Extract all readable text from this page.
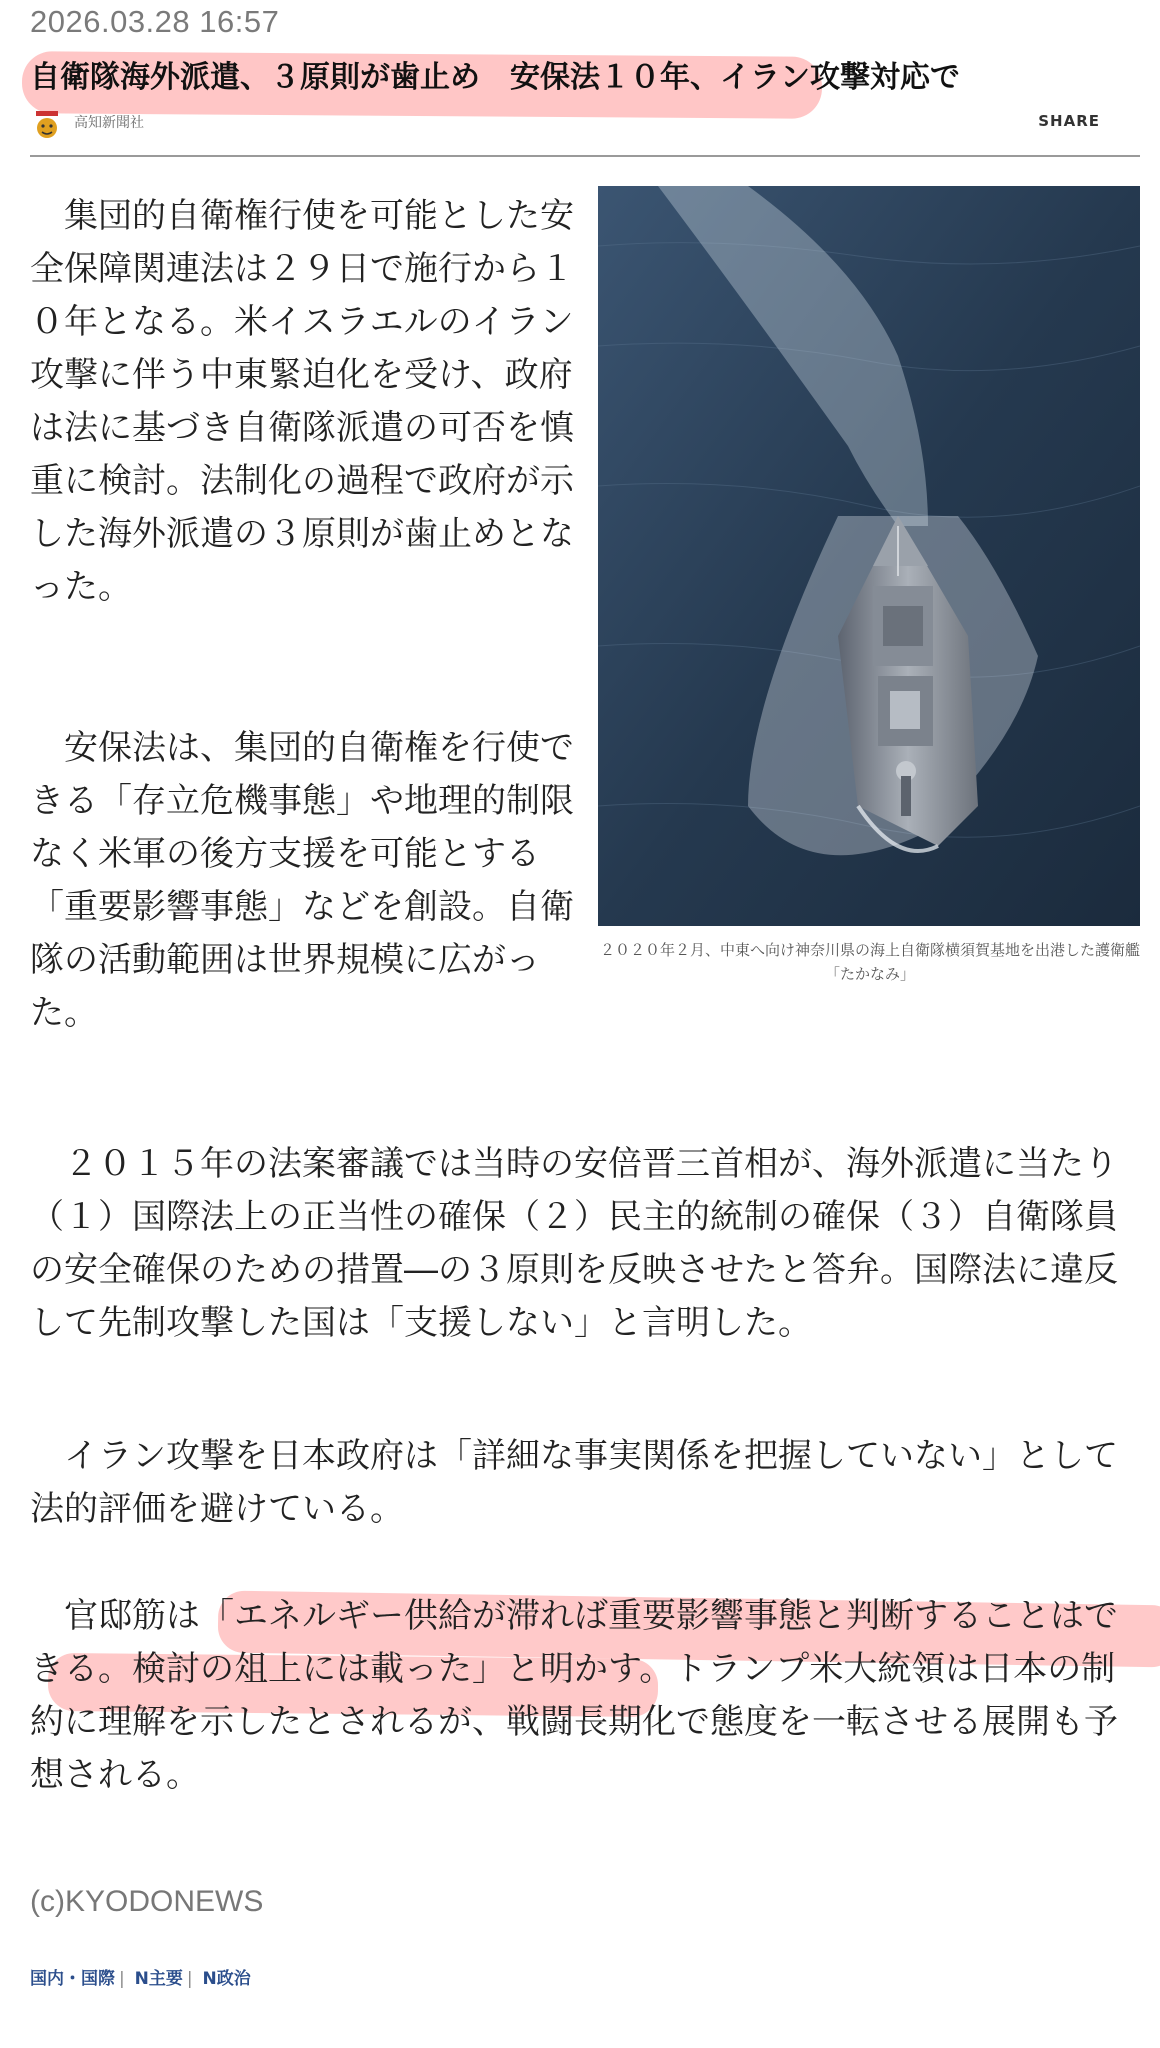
2026.03.28 16:57
自衛隊海外派遣、３原則が歯止め　安保法１０年、イラン攻撃対応で
高知新聞社	SHARE

　集団的自衛権行使を可能とした安全保障関連法は２９日で施行から１０年となる。米イスラエルのイラン攻撃に伴う中東緊迫化を受け、政府は法に基づき自衛隊派遣の可否を慎重に検討。法制化の過程で政府が示した海外派遣の３原則が歯止めとなった。

　安保法は、集団的自衛権を行使できる「存立危機事態」や地理的制限なく米軍の後方支援を可能とする「重要影響事態」などを創設。自衛隊の活動範囲は世界規模に広がった。

　２０１５年の法案審議では当時の安倍晋三首相が、海外派遣に当たり（１）国際法上の正当性の確保（２）民主的統制の確保（３）自衛隊員の安全確保のための措置―の３原則を反映させたと答弁。国際法に違反して先制攻撃した国は「支援しない」と言明した。

　イラン攻撃を日本政府は「詳細な事実関係を把握していない」として法的評価を避けている。

　官邸筋は「エネルギー供給が滞れば重要影響事態と判断することはできる。検討の俎上には載った」と明かす。トランプ米大統領は日本の制約に理解を示したとされるが、戦闘長期化で態度を一転させる展開も予想される。

(c)KYODONEWS
国内・国際 | N主要 | N政治
２０２０年２月、中東へ向け神奈川県の海上自衛隊横須賀基地を出港した護衛艦「たかなみ」
